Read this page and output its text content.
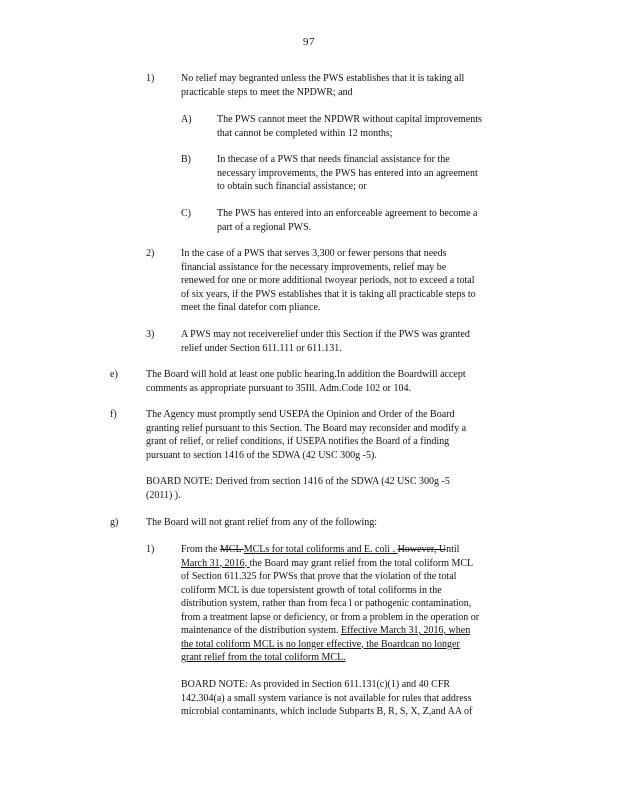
97
1)	No relief may begranted unless the PWS establishes that it is taking all
practicable steps to meet the NPDWR; and
A)	The PWS cannot meet the NPDWR without capital improvements
that cannot be completed within 12 months;
B)	In thecase of a PWS that needs financial assistance for the
necessary improvements, the PWS has entered into an agreement
to obtain such financial assistance; or
C)	The PWS has entered into an enforceable agreement to become a
part of a regional PWS.
2)	In the case of a PWS that serves 3,300 or fewer persons that needs
financial assistance for the necessary improvements, relief may be
renewed for one or more additional twoyear periods, not to exceed a total
of six years, if the PWS establishes that it is taking all practicable steps to
meet the final datefor com pliance.
3)	A PWS may not receiverelief under this Section if the PWS was granted
relief under Section 611.111 or 611.131.
e)	The Board will hold at least one public hearing.In addition the Boardwill accept
comments as appropriate pursuant to 35Ill. Adm.Code 102 or 104.
f)	The Agency must promptly send USEPA the Opinion and Order of the Board
granting relief pursuant to this Section. The Board may reconsider and modify a
grant of relief, or relief conditions, if USEPA notifies the Board of a finding
pursuant to section 1416 of the SDWA (42 USC 300g -5).
BOARD NOTE: Derived from section 1416 of the SDWA (42 USC 300g -5
(2011) ).
g)	The Board will not grant relief from any of the following:
1)	From the MCL MCLs for total coliforms and E. coli . However, Until
March 31, 2016, the Board may grant relief from the total coliform MCL
of Section 611.325 for PWSs that prove that the violation of the total
coliform MCL is due topersistent growth of total coliforms in the
distribution system, rather than from feca l or pathogenic contamination,
from a treatment lapse or deficiency, or from a problem in the operation or
maintenance of the distribution system. Effective March 31, 2016, when
the total coliform MCL is no longer effective, the Boardcan no longer
grant relief from the total coliform MCL.
BOARD NOTE: As provided in Section 611.131(c)(1) and 40 CFR
142.304(a) a small system variance is not available for rules that address
microbial contaminants, which include Subparts B, R, S, X, Z,and AA of
